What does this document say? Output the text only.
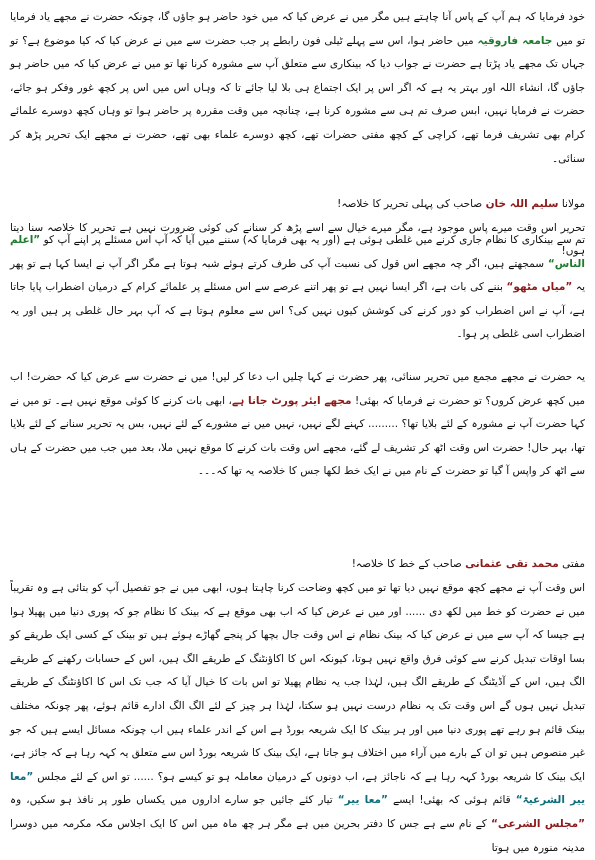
خود فرمایا کہ ہم آپ کے پاس آنا چاہتے ہیں مگر میں نے عرض کیا کہ میں خود حاضر ہو جاؤں گا، چونکہ حضرت نے مجھے یاد فرمایا تو میں جامعہ فاروقیہ میں حاضر ہوا، اس سے پہلے ٹیلی فون رابطے پر جب حضرت سے میں نے عرض کیا کہ کیا موضوع ہے؟ تو جہاں تک مجھے یاد پڑتا ہے حضرت نے جواب دیا کہ بینکاری سے متعلق آپ سے مشورہ کرنا تھا تو میں نے عرض کیا کہ میں حاضر ہو جاؤں گا، انشاء اللہ اور بہتر یہ ہے کہ اگر اس پر ایک اجتماع ہی بلا لیا جائے تا کہ وہاں اس میں اس پر کچھ غور وفکر ہو جائے، حضرت نے فرمایا نہیں، ابس صرف تم ہی سے مشورہ کرنا ہے، چنانچہ میں وقت مقررہ پر حاضر ہوا تو وہاں کچھ دوسرے علمائے کرام بھی تشریف فرما تھے، کراچی کے کچھ مفتی حضرات تھے، کچھ دوسرے علماء بھی تھے، حضرت نے مجھے ایک تحریر پڑھ کر سنائی۔

مولانا سلیم اللہ خان صاحب کی پہلی تحریر کا خلاصہ!

تحریر اس وقت میرے پاس موجود ہے، مگر میرے خیال سے اسے پڑھ کر سنانے کی کوئی ضرورت نہیں ہے تحریر کا خلاصہ سنا دیتا ہوں!

تم سے بینکاری کا نظام جاری کرنے میں غلطی ہوئی ہے (اور یہ بھی فرمایا کہ) سننے میں آیا کہ آپ اس مسئلے پر اپنے آپ کو ”اعلم الناس“ سمجھتے ہیں، اگر چہ مجھے اس قول کی نسبت آپ کی طرف کرتے ہوئے شبہ ہوتا ہے مگر اگر آپ نے ایسا کہا ہے تو پھر یہ ”میاں مٹھو“ بننے کی بات ہے، اگر ایسا نہیں ہے تو پھر اتنے عرصے سے اس مسئلے پر علمائے کرام کے درمیان اضطراب پایا جاتا ہے، آپ نے اس اضطراب کو دور کرنے کی کوشش کیوں نہیں کی؟ اس سے معلوم ہوتا ہے کہ آپ بہر حال غلطی پر ہیں اور یہ اضطراب اسی غلطی پر ہوا۔

یہ حضرت نے مجھے مجمع میں تحریر سنائی، پھر حضرت نے کہا چلیں اب دعا کر لیں! میں نے حضرت سے عرض کیا کہ حضرت! اب میں کچھ عرض کروں؟ تو حضرت نے فرمایا کہ بھئی! مجھے ایئر پورٹ جانا ہے، ابھی بات کرنے کا کوئی موقع نہیں ہے۔ تو میں نے کہا حضرت آپ نے مشورہ کے لئے بلایا تھا؟ ......... کہنے لگے نہیں، نہیں میں نے مشورے کے لئے نہیں، بس یہ تحریر سنانے کے لئے بلایا تھا، بہر حال! حضرت اس وقت اٹھ کر تشریف لے گئے، مجھے اس وقت بات کرنے کا موقع نہیں ملا، بعد میں جب میں حضرت کے ہاں سے اٹھ کر واپس آ گیا تو حضرت کے نام میں نے ایک خط لکھا جس کا خلاصہ یہ تھا کہ۔۔۔

مفتی محمد تقی عثمانی صاحب کے خط کا خلاصہ!

اس وقت آپ نے مجھے کچھ موقع نہیں دیا تھا تو میں کچھ وضاحت کرنا چاہتا ہوں، ابھی میں نے جو تفصیل آپ کو بتائی ہے وہ تقریباً میں نے حضرت کو خط میں لکھ دی ...... اور میں نے عرض کیا کہ اب بھی موقع ہے کہ بینک کا نظام جو کہ پوری دنیا میں پھیلا ہوا ہے جیسا کہ آپ سے میں نے عرض کیا کہ بینک نظام نے اس وقت جال بچھا کر پنجے گھاڑے ہوئے ہیں تو بینک کے کسی ایک طریقے کو بسا اوقات تبدیل کرنے سے کوئی فرق واقع نہیں ہوتا، کیونکہ اس کا اکاؤنٹنگ کے طریقے الگ ہیں، اس کے حسابات رکھنے کے طریقے الگ ہیں، اس کے آڈیٹنگ کے طریقے الگ ہیں، لہٰذا جب یہ نظام پھیلا تو اس بات کا خیال آیا کہ جب تک اس کا اکاؤنٹنگ کے طریقے تبدیل نہیں ہوں گے اس وقت تک یہ نظام درست نہیں ہو سکتا، لہٰذا ہر چیز کے لئے الگ الگ ادارے قائم ہوئے، پھر چونکہ مختلف بینک قائم ہو رہے تھے پوری دنیا میں اور ہر بینک کا ایک شریعہ بورڈ ہے اس کے اندر علماء ہیں اب چونکہ مسائل ایسے ہیں کہ جو غیر منصوص ہیں تو ان کے بارے میں آراء میں اختلاف ہو جاتا ہے، ایک بینک کا شریعہ بورڈ اس سے متعلق یہ کہہ رہا ہے کہ جائز ہے، ایک بینک کا شریعہ بورڈ کہہ رہا ہے کہ ناجائز ہے، اب دونوں کے درمیان معاملہ ہو تو کیسے ہو؟ ...... تو اس کے لئے مجلس ”معا ییر الشرعیۃ“ قائم ہوئی کہ بھئی! ایسے ”معا ییر“ تیار کئے جائیں جو سارے اداروں میں یکساں طور پر نافذ ہو سکیں، وہ ”مجلس الشرعی“ کے نام سے ہے جس کا دفتر بحرین میں ہے مگر ہر چھ ماہ میں اس کا ایک اجلاس مکہ مکرمہ میں دوسرا مدینہ منورہ میں ہوتا
